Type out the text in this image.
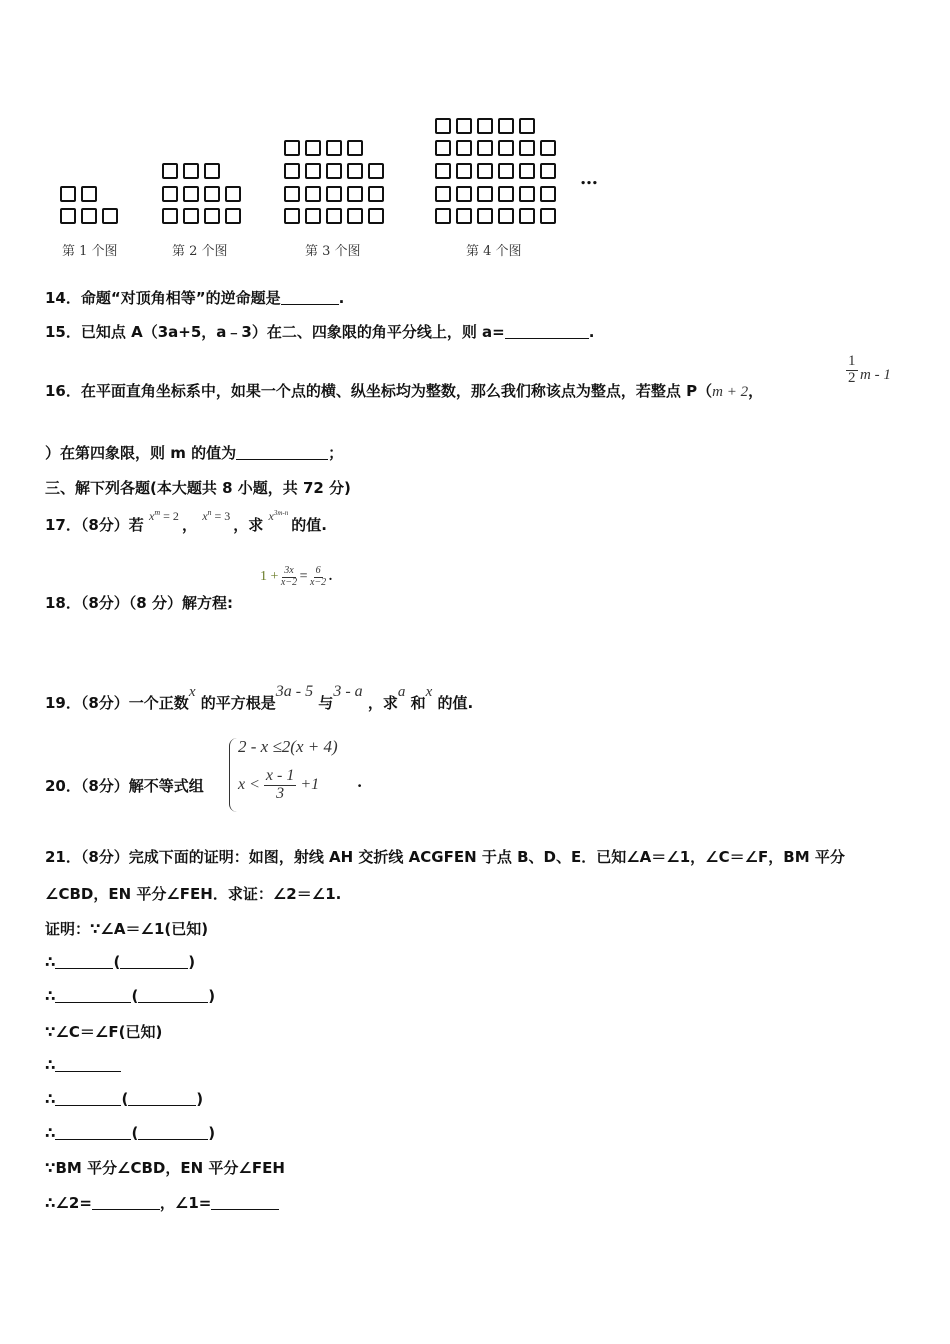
第 1 个图	第 2 个图	第 3 个图	第 4 个图
…
14．命题“对顶角相等”的逆命题是	.
15．已知点 A（3a+5，a﹣3）在二、四象限的角平分线上，则 a=	.
16．在平面直角坐标系中，如果一个点的横、纵坐标均为整数，那么我们称该点为整点，若整点 P（m + 2，
$\frac{1}{2}$ m - 1
）在第四象限，则 m 的值为	；
三、解下列各题(本大题共 8 小题，共 72 分)
17．（8分）若 $^{x^m = 2}$ ， $^{x^n = 3}$ ，求 $^{x^{3m-n}}$ 的值.
18．（8分）（8 分）解方程:
$1 + \frac{3x}{x-2} = \frac{6}{x-2}$ .
19．（8分）一个正数x 的平方根是3a - 5 与3 - a ，求a 和x 的值.
20．（8分）解不等式组
2 - x ≤2(x + 4)
$x < \frac{x - 1}{3} +1$	.
21．（8分）完成下面的证明：如图，射线 AH 交折线 ACGFEN 于点 B、D、E．已知∠A＝∠1，∠C＝∠F，BM 平分
∠CBD，EN 平分∠FEH．求证：∠2＝∠1.
证明：∵∠A＝∠1(已知)
∴	(	)
∴	(	)
∵∠C＝∠F(已知)
∴
∴	(	)
∴	(	)
∵BM 平分∠CBD，EN 平分∠FEH
∴∠2=	，∠1=
